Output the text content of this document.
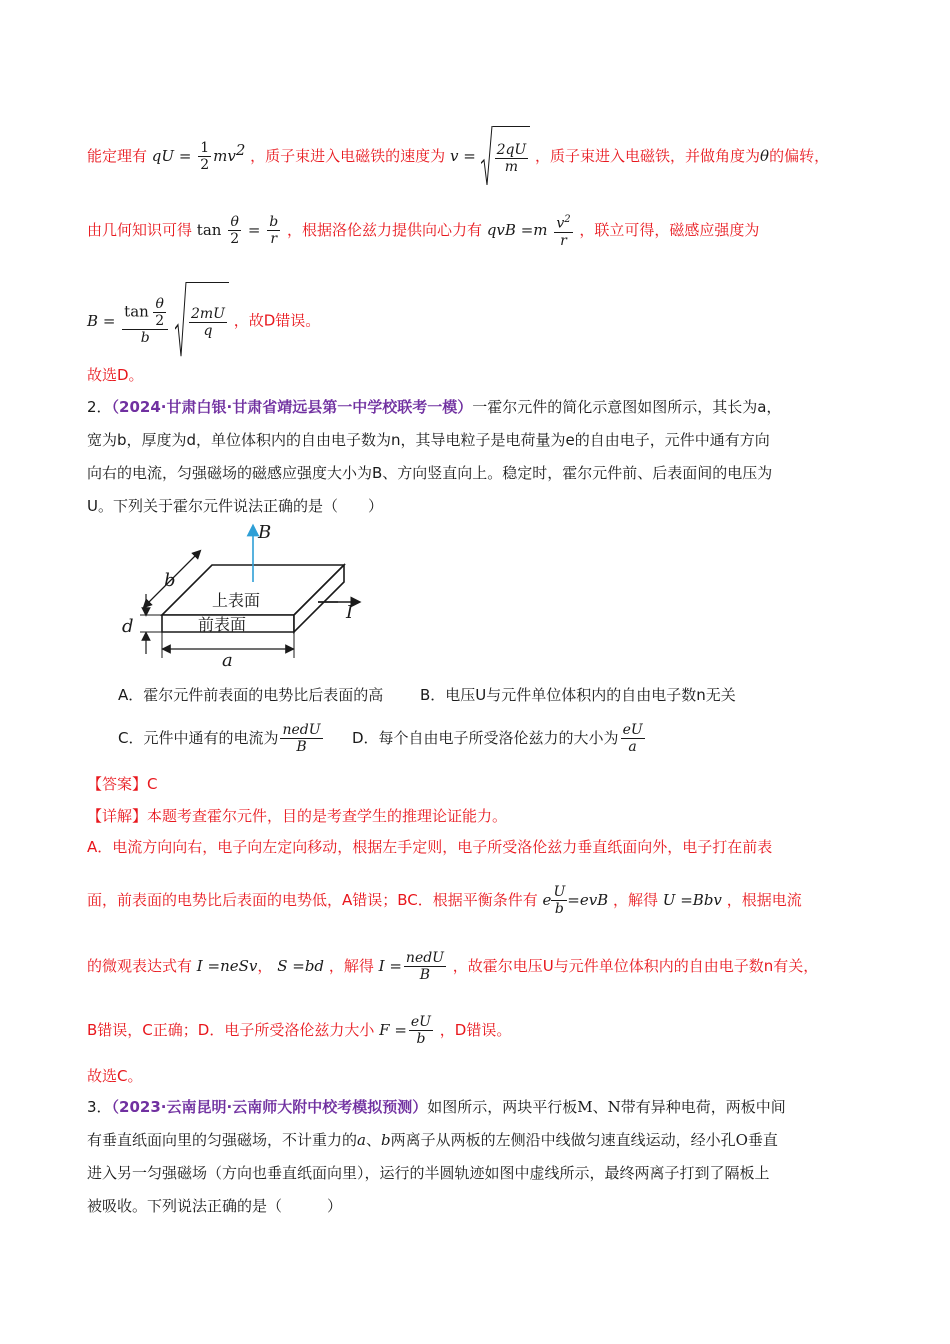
能定理有 qU = $\frac{1}{2} mv^2$ ，质子束进入电磁铁的速度为 $v = \frac{2qU}{m}$ ，质子束进入电磁铁，并做角度为θ的偏转，
由几何知识可得 $\tan \frac{\theta}{2} = \frac{b}{r}$ ，根据洛伦兹力提供向心力有 qvB $=m \frac{v^2}{r}$ ，联立可得，磁感应强度为
$B = \frac{\tan \frac{\theta}{2}}{b}$
$\frac{2mU}{q}$ ，故D错误。
故选D。
2．（2024·甘肃白银·甘肃省靖远县第一中学校联考一模）一霍尔元件的简化示意图如图所示，其长为a，
宽为b，厚度为d，单位体积内的自由电子数为n，其导电粒子是电荷量为e的自由电子，元件中通有方向
向右的电流，匀强磁场的磁感应强度大小为B、方向竖直向上。稳定时，霍尔元件前、后表面间的电压为
U。下列关于霍尔元件说法正确的是（　　）
B
b
上表面
前表面
I
d
a
A．霍尔元件前表面的电势比后表面的高 B．电压U与元件单位体积内的自由电子数n无关
C．元件中通有的电流为 $\frac{\text{nedU}}{B}$ D．每个自由电子所受洛伦兹力的大小为 $\frac{eU}{a}$
【答案】C
【详解】本题考查霍尔元件，目的是考查学生的推理论证能力。
A．电流方向向右，电子向左定向移动，根据左手定则，电子所受洛伦兹力垂直纸面向外，电子打在前表
面，前表面的电势比后表面的电势低，A错误；BC．根据平衡条件有 e $\frac{U}{b} =evB$ ，解得 U =Bbv ，根据电流
的微观表达式有 I =neSv， S =bd ，解得 $I = \frac{\text{nedU}}{B}$ ，故霍尔电压U与元件单位体积内的自由电子数n有关，
B错误，C正确；D．电子所受洛伦兹力大小 $F = \frac{eU}{b}$ ，D错误。
故选C。
3．（2023·云南昆明·云南师大附中校考模拟预测）如图所示，两块平行板M、N带有异种电荷，两板中间
有垂直纸面向里的匀强磁场，不计重力的a、b两离子从两板的左侧沿中线做匀速直线运动，经小孔O垂直
进入另一匀强磁场（方向也垂直纸面向里），运行的半圆轨迹如图中虚线所示，最终两离子打到了隔板上
被吸收。下列说法正确的是（　　　）
